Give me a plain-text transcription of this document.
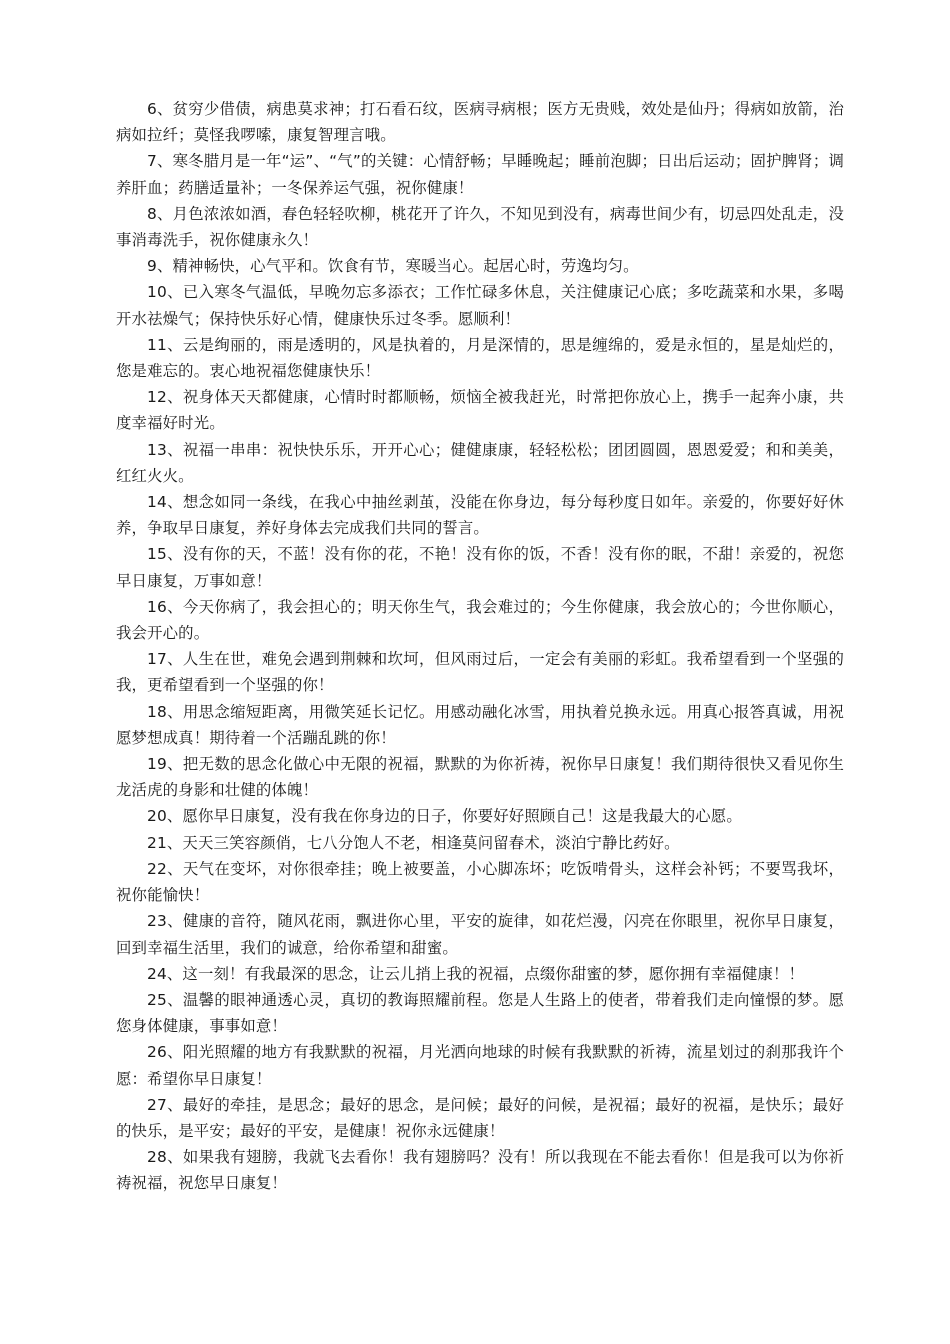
6、贫穷少借债，病患莫求神；打石看石纹，医病寻病根；医方无贵贱，效处是仙丹；得病如放箭，治病如拉纤；莫怪我啰嗦，康复智理言哦。

7、寒冬腊月是一年“运”、“气”的关键：心情舒畅；早睡晚起；睡前泡脚；日出后运动；固护脾肾；调养肝血；药膳适量补；一冬保养运气强，祝你健康！

8、月色浓浓如酒，春色轻轻吹柳，桃花开了许久，不知见到没有，病毒世间少有，切忌四处乱走，没事消毒洗手，祝你健康永久！

9、精神畅快，心气平和。饮食有节，寒暖当心。起居心时，劳逸均匀。

10、已入寒冬气温低，早晚勿忘多添衣；工作忙碌多休息，关注健康记心底；多吃蔬菜和水果，多喝开水祛燥气；保持快乐好心情，健康快乐过冬季。愿顺利！

11、云是绚丽的，雨是透明的，风是执着的，月是深情的，思是缠绵的，爱是永恒的，星是灿烂的，您是难忘的。衷心地祝福您健康快乐！

12、祝身体天天都健康，心情时时都顺畅，烦恼全被我赶光，时常把你放心上，携手一起奔小康，共度幸福好时光。

13、祝福一串串：祝快快乐乐，开开心心；健健康康，轻轻松松；团团圆圆，恩恩爱爱；和和美美，红红火火。

14、想念如同一条线，在我心中抽丝剥茧，没能在你身边，每分每秒度日如年。亲爱的，你要好好休养，争取早日康复，养好身体去完成我们共同的誓言。

15、没有你的天，不蓝！没有你的花，不艳！没有你的饭，不香！没有你的眠，不甜！亲爱的，祝您早日康复，万事如意！

16、今天你病了，我会担心的；明天你生气，我会难过的；今生你健康，我会放心的；今世你顺心，我会开心的。

17、人生在世，难免会遇到荆棘和坎坷，但风雨过后，一定会有美丽的彩虹。我希望看到一个坚强的我，更希望看到一个坚强的你！

18、用思念缩短距离，用微笑延长记忆。用感动融化冰雪，用执着兑换永远。用真心报答真诚，用祝愿梦想成真！期待着一个活蹦乱跳的你！

19、把无数的思念化做心中无限的祝福，默默的为你祈祷，祝你早日康复！我们期待很快又看见你生龙活虎的身影和壮健的体魄！

20、愿你早日康复，没有我在你身边的日子，你要好好照顾自己！这是我最大的心愿。

21、天天三笑容颜俏，七八分饱人不老，相逢莫问留春术，淡泊宁静比药好。

22、天气在变坏，对你很牵挂；晚上被要盖，小心脚冻坏；吃饭啃骨头，这样会补钙；不要骂我坏，祝你能愉快！

23、健康的音符，随风花雨，飘进你心里，平安的旋律，如花烂漫，闪亮在你眼里，祝你早日康复，回到幸福生活里，我们的诚意，给你希望和甜蜜。

24、这一刻！有我最深的思念，让云儿捎上我的祝福，点缀你甜蜜的梦，愿你拥有幸福健康！！

25、温馨的眼神通透心灵，真切的教诲照耀前程。您是人生路上的使者，带着我们走向憧憬的梦。愿您身体健康，事事如意！

26、阳光照耀的地方有我默默的祝福，月光洒向地球的时候有我默默的祈祷，流星划过的刹那我许个愿：希望你早日康复！

27、最好的牵挂，是思念；最好的思念，是问候；最好的问候，是祝福；最好的祝福，是快乐；最好的快乐，是平安；最好的平安，是健康！祝你永远健康！

28、如果我有翅膀，我就飞去看你！我有翅膀吗？没有！所以我现在不能去看你！但是我可以为你祈祷祝福，祝您早日康复！
